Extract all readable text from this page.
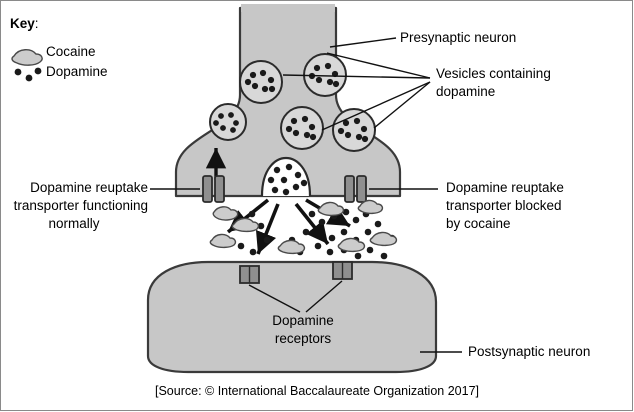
Key:
Cocaine
Dopamine
Presynaptic neuron
Vesicles containing
dopamine
Dopamine reuptake
transporter functioning
normally
Dopamine reuptake
transporter blocked
by cocaine
Dopamine
receptors
Postsynaptic neuron
[Source: © International Baccalaureate Organization 2017]
